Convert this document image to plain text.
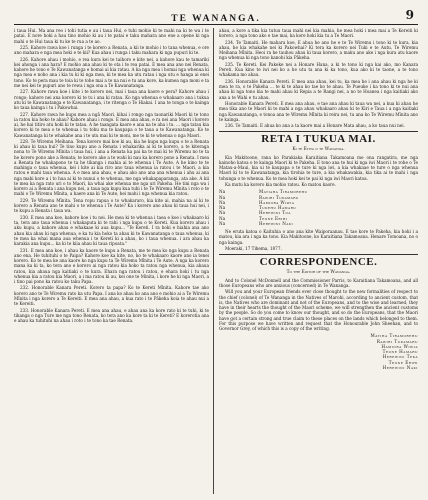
TE WANANGA.	9

i taua Hui. Ma ana reo i tohi tutia e au i taua Hui, e tuhi mohio ki te mahi na ki te wa i te patai. E nore hoki a hau tino mohio ki au i te patai e taku mahara ano ene a opene ki nga mahi o te Hui taua ki tu ke te rua a te ao.

225. Kahore rawa koe i runga i te korero a Renata, a kii te mohio i to tana whenua, e ore ano mahara e nga mea hoki e te kii? Kua ahau i runga i taku mahara ki nga pupuri ki te.

226. Kahore ahau i mohio, e rea kura kei te taihoro e kite nei, a kahore kau te tamariki kei ahonga i ana hara? E mohio ana ahau ki te ota i te rea patai. E mea ana ano nei Renata, kahore he tono e Te Kawanatanga e homai ai kia ratau. A ka nga mea i homai nga whenua ki nga mea e noho ana i kia tu ki ki nga mea, ki te mea ka utu ratau i nga utu e hanga ai enei tono. Ko te pera mau te toia ki te tohe mai a te na nui e tu ana kore, ka kumea nga moni e ta me nei kei te pupuri ano te rewa i nga ona a Te Kawanatanga.

227. Kahore rawa koe i kite i te korero nei, mai i taua ana kaore e pera? Kahore ahau i rongo; kahore nei ana korero ki te tu i ana ki ratau. Ko nga whenua e whakaaro ana i tukua atu ki te Kawanatanga e te Kawanatanga, i te ritenga o Te Hiakai. I ana te tonga o te kainga ko taua kainga i tu i Pakowhai.

227. Kahore rawa he kupu mea a ngā Maori, kihai i rongo nga taonariki Maori ki te tono ia ratou kia hoko te ahau? Kahore ahau i rongo. E mea ana ahau, e ra nei ana Maori i korero ai, he hai titiro atu hoki ki te tatau. A he taangata kaore e ana na te aha i tu. ... nga tatau kia korero ki te mea o te whenua i tu tohu ma te kaupapa o te taua a te Kawanatanga. Ko te Kawanatanga ki te whakahe ana i te utu mai ki te moni, me te ki te whenua o nga Maori.

228. Te Wiremu Meihana. Tena korero mai koe ki au, kia he kupu nga kupu o te a Renata ki ahau ki taua hui? Te tino kupu ano a Renata i whakarika ai ki te korero, a te kiteraga nona to Te Wiremu Mīnita i taua hui, i ana a Renata ka pai ka te mai ki te Wiremu no te ta he korero pono ake a Renata; te korero ake a te wahi ki nau ka korero pono a Renata. I mea a Renata he whakapono te ta he tikanga i mahia ai te whenua i Te Aute. A he kino te te mahinga o taua whenua, kei i kite ai kia riro ano taua whenua ia ratou i te Maori, a kia ratou e mahi taua whenua. A e mea ana ahau, e ahau ako ano ana ana whenua i ahu ai ana nga mahi kore a i to hua ai ki te nunui o te whenua, me nga whakapaparanga, ata ake. A kii te mea ka nga rato uri o to Maori, ka whai ake whenua me nga uri Pakeha. He tini nga wa i korero ai a Renata i ana kupu nei, a taua nga kupu kua tuhi i te Te Wiremu Mīnita i roto o te mahi o Te Wiremu Mīnita, a haere ana ki Te Aute, hei mahi i nga whenua kia ratou.

229. Te Wiremu Mīnita. Tena ropu rapua o to whakararo, kia kite ai, mahia na ai ki te korero a Renata ano te mahi o te whenua i Te Aute? Ka i korero ano ahau ki taua hui nei, i te kupu a Renata i taua wa.

230. E mea ana koe, kahore koe i tu nei. He mea ki te whenua i taea e koe i whakaaro ki ta, tera ano taua whenua i whakaputa ki te rahi i nga kupu o te Kereti. Kua korero ahau i aku kupu, a kahore ahau e whakaae ki aua kupu... "Te Kereti. I ra hoki e hiahia ana ano ahau kia ahau ki nga whenua, e ka tu kia hoko ta ahau ki te Kawanatanga o taua whenua, ki te mea ka whai mana aua whenua i te Kereti ki a ahau, ko i taua whenua. i ara ahau ka karakia ana kupu... ka ki te kiia ahau ki taua ripoata."

231. E mea ana koe, i ahau ka kaore te kupu a Renata, me te mea ko nga kupu a Renata ano ena. He tuhituhi o te Paipa? Kahore koe ka kite, no, ko te whakaaro kaore ano ia tenei korero. Ko te mea ke ana kaore ko nga kupu ta Te Wiremu Mīnita i Te Aute. A nga ka korero mana ka ki ta, ko tera ano e korero ai nga ratou kia hoko ta ratou nga whenua, kia ahaua ratou, kia ahaua nga kaitiaki o te kura. Ehara nga ratou i ratou, e ehara hoki i tu nga whenua kia a ratou kia Maori, a i ma ratou ki au, kei one te Minita, i kore he ki nga Maori, a i tino pai pono ka ratou ko taku Papa.

232. Honorable Kanara Pereti. Korero ta papa? Ko te Kereti Mīnita. Kahore tae ako korero ano te Te Wiremu rato ka utu Papa. I ana ko ahau ko ana ano e mohio ai a Te Wiremu Mīnita i nga korero a Te Kereiti. E mea ana ahau, a kua rato i te Pākeha koia te ahau nui a te Kereiti.

233. Honorable Kanara Pereti. E mea ana ahau, e ahau ana ka kore rato ki te tuhi, ki te tikanga o nga Ture me nga tono Renata, ko tera ano ka kore ta ki te Kereti? E korerotia ana e ahau ka tuhituhi na ahau i roto i te tono ka tae Renata.

ahau, a kore a tika kia tutuu taua mahi nei kia mahia, he mea hoki i mea mai a Te Kereiti ki korero, a nga tono ako e tae mai, ka kore hoki kia tu a Te Maori.

234. Te Tamaiti. He mahara koe, E ahua he ano he e te Te Wiremu i tono ki te kura, kia ahau, he kia whakahe nei ki Pakowhai? Ki tera ka korero nei Tuki e te Autu, Te Wiremu Meihana Mīnita. Heoi ra he tauhou ahau ki taua korero, a maku ano ake i nga kura atu kaore nga whenua ki nga tono kanohi kia Pākeha.

235. Te Kereti. Kei Pakeke nei a Honare Hana, a ki te tono ki nga kai ako, mo Kanara Pereti. Kua kino te iwi nei ko a he utu ta ana ki ka tono, kua ako ki te taone, a te tono whakama mo ahau.

236. Honorable Kanara Pereti. E mea ana ahau, kei tu, ka mea he i ana ahau ki nga he ki mea te ra, o te Pakeha ... te ki te ahau ko tae ko te ahau. Te Pueuke i ka tono ki te nui ana ahau ki nga tono kia te mahi ahau ki Repia a te Rangi nei, a no te Hoanea i nga kaitiaki ako ana a te Wahi e tu ahau.

Honorable Kanara Pereti. E mea ana ahau, e tae ana ahau ki taua wa nei, a kua ki ahau he mea tika ano te Maori ki te mahi a nga ahau whakaaro ahau ki te Kiri e Taua i a nga kaitiaki nga Kawanatanga, e tonoa ana te Wiremu Mīnita ki reira nei, tu ana ko Te Wiremu Mīnita ano te kainga.

236. Te Tamaiti. E ahua ko ana a ta kaore mai a Honare Mata ahau, a ko taua nui nei.

RETA I TUKUA MAI.
Ki te Etita o te Wananga.

Kia Makitoone, rana ko Parakiaka Karaitiana Takamoana me ona rangatira, me nga kainoho katoa o te kainga Maori ki te Pakeha. E tono ana te hui ki nga iwi Maori i te rohe o Te Matau-a-Maui, kia ui te kaupapa o te ture ki nga iwi, a kia whakaae te ture o nga whenua Maori ki to te Kawanatanga, kia tirohia te ture, a kia whakawakia, kia tika ai te mahi i nga tohunga o te whenua. Ko te mea hoki kei te pai ki nga iwi Maori katoa.

Ka mutu ka korero kia mohio ratou. Ko matou kaore.

Na	Matiaha Tiramorehu
Na	Rawiri Tukamaru
Na	Hamiora Wiwia
Na	Tukehu Hamaru
Na	Herewini Toa
Na	Teone Erihi
Na	Herewini Naki

Ne eruta katoa o Kaituhia o ano ana kite Waiporaanau. E tae kore te Pakeha, kia hoki i a matou, kia ara i nga ka tono. Kia Makitoone, ko Karaitiana Takamoana. Henare Tomoana, no o nga kainga.

Moeraki, 17 Tihema, 1877.

CORRESPONDENCE.
To the Editor of the Wananga.

And to Colonel McDonnell and the Commissioner Parris, to Karaitiana Takamoana, and all those Europeans who are anxious (concerned) in Te Wananga.

Will you and your European friends ever close thought to the new formalities of respect to the chief (colonel) of Te Wananga in the Natives of Marohi, according to ancient custom, that is, the Natives who are dominant and not of the Europeans, and to the wise and learned, they have in their hearts the thought of the Maori scheme, we will strengthen the ancient customs by the people. So do you come to know our thought, and so do the Europeans, that the Maori have got a certain strong and true claim to these places on the lands which belonged to them. For this purpose we have written and request that the Honourable John Sheehan, and to Governor Grey, of which this is a copy of the writing.

Matiha Tiramorehu
Rawiri Tukamaru
Hamiora Wiwia
Teone Hamaru
Herewini Teka
Teone Erihi
Herewini Naki
